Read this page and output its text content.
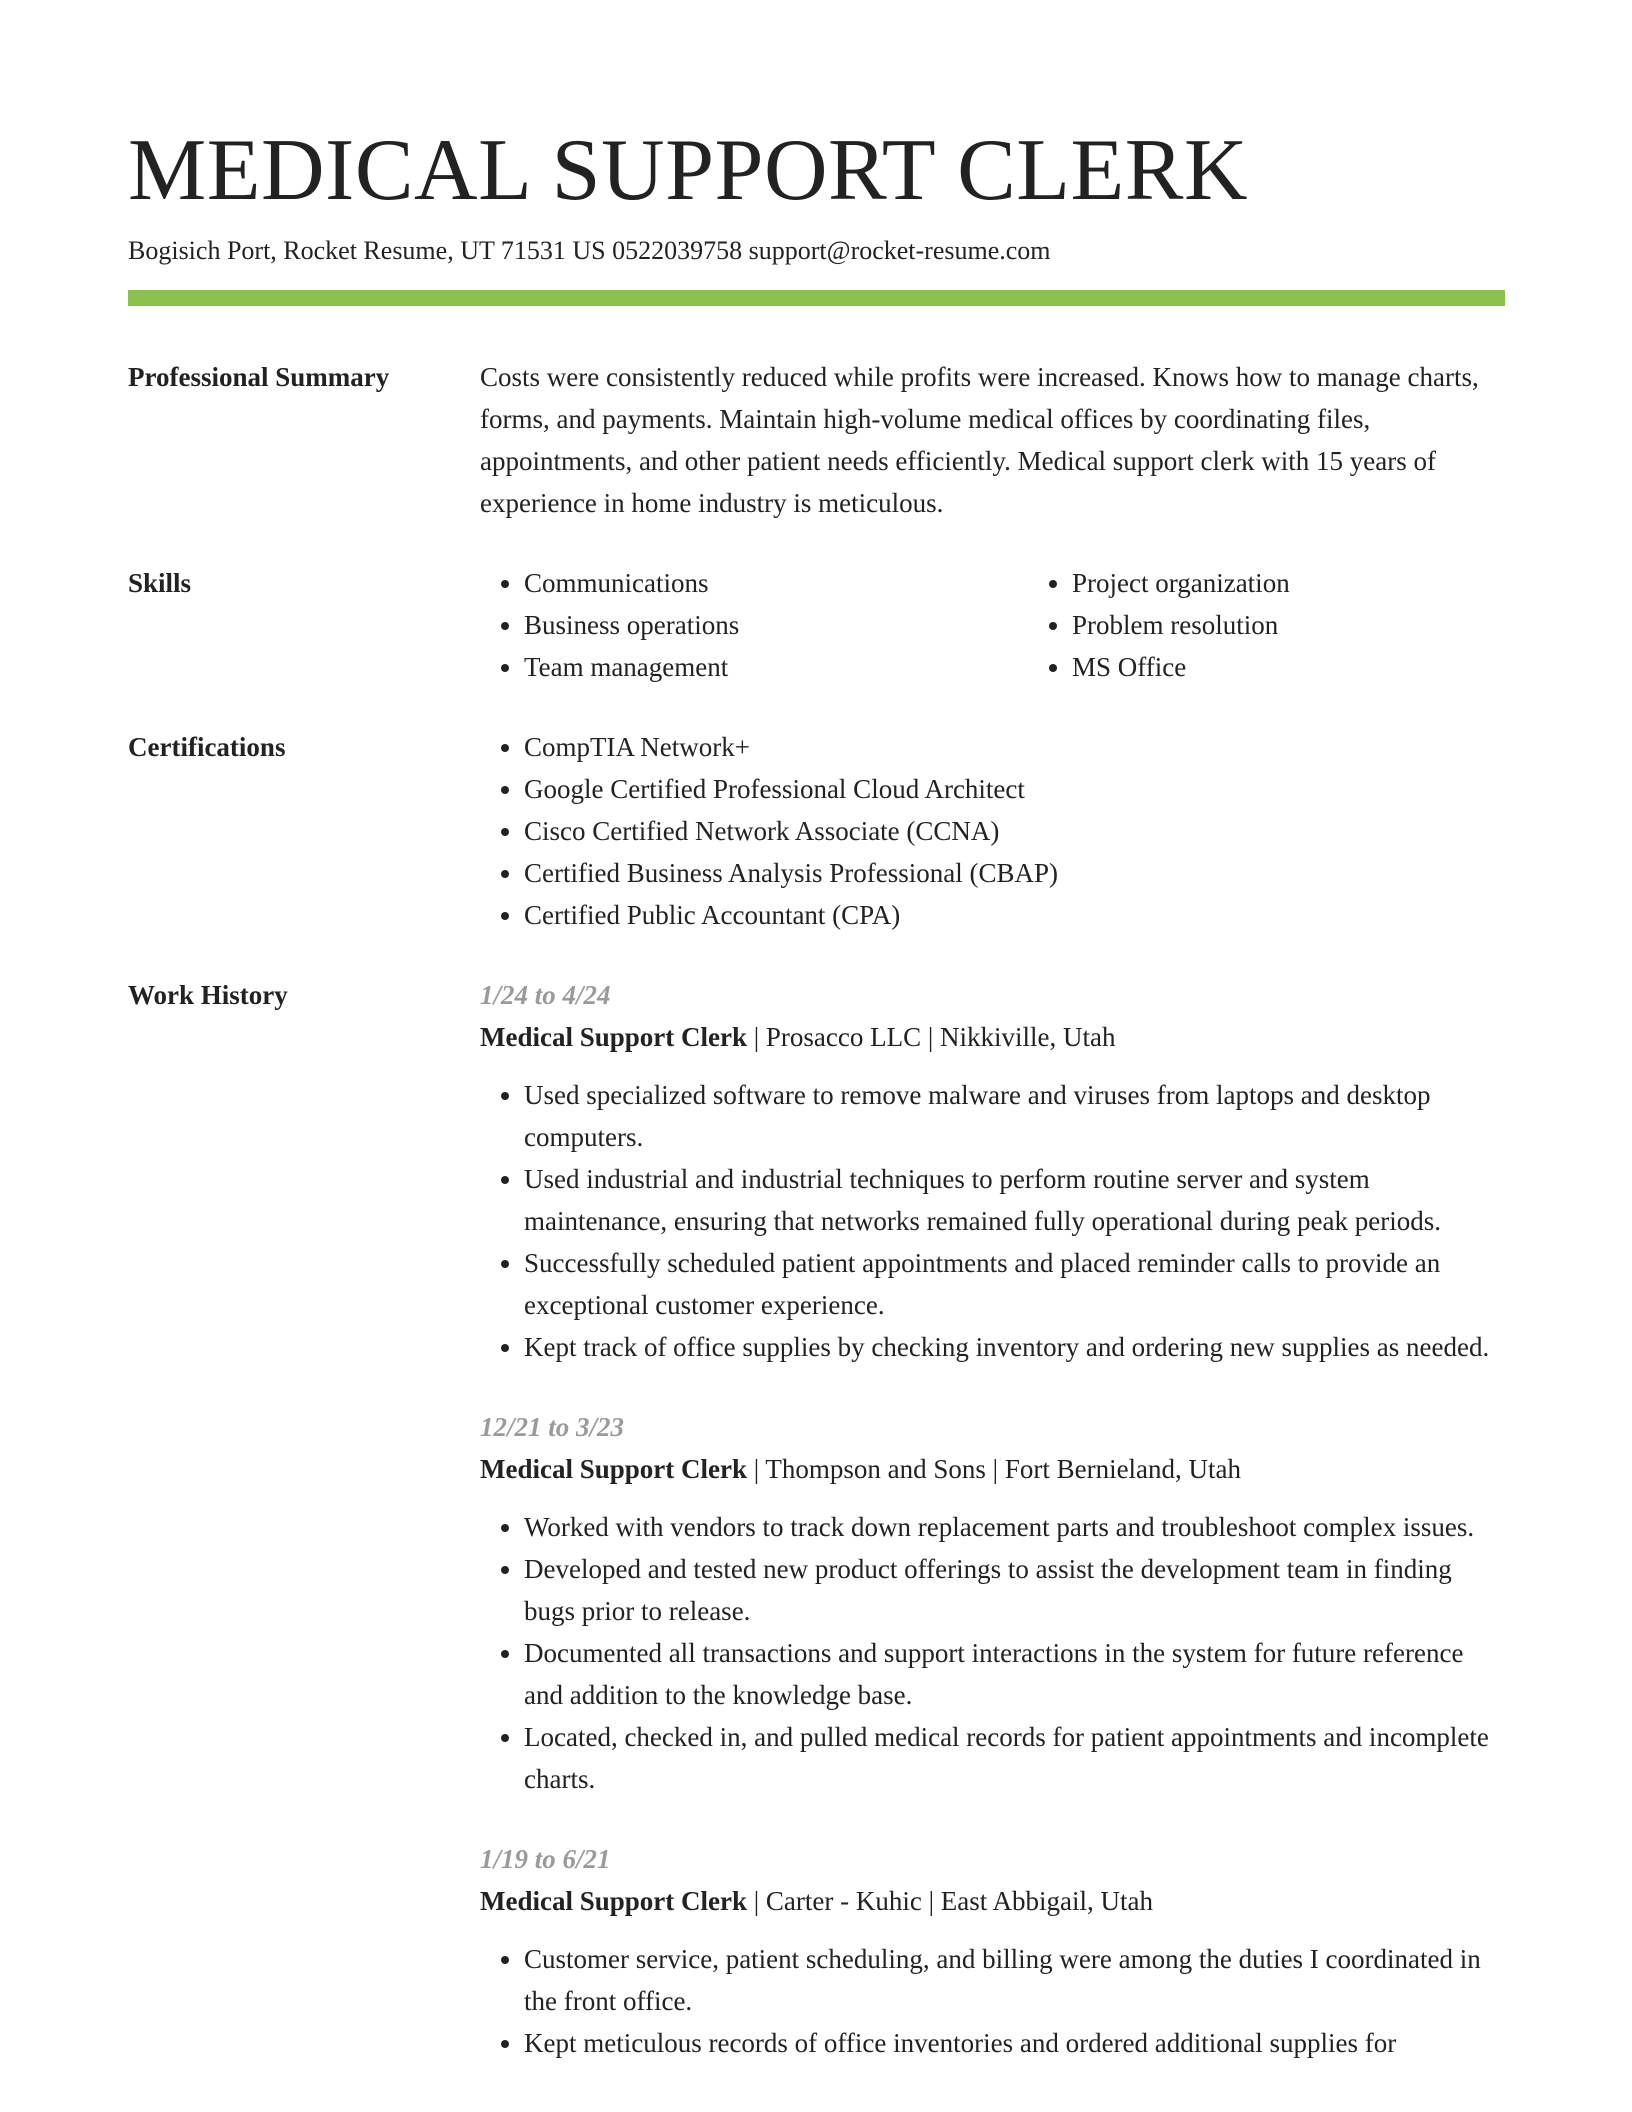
MEDICAL SUPPORT CLERK
Bogisich Port, Rocket Resume, UT 71531 US 0522039758 support@rocket-resume.com
Professional Summary	Costs were consistently reduced while profits were increased. Knows how to manage charts, forms, and payments. Maintain high-volume medical offices by coordinating files, appointments, and other patient needs efficiently. Medical support clerk with 15 years of experience in home industry is meticulous.

Skills	• Communications
• Business operations
• Team management
• Project organization
• Problem resolution
• MS Office
Certifications	• CompTIA Network+
• Google Certified Professional Cloud Architect
• Cisco Certified Network Associate (CCNA)
• Certified Business Analysis Professional (CBAP)
• Certified Public Accountant (CPA)
Work History	1/24 to 4/24
Medical Support Clerk | Prosacco LLC | Nikkiville, Utah
• Used specialized software to remove malware and viruses from laptops and desktop computers.
• Used industrial and industrial techniques to perform routine server and system maintenance, ensuring that networks remained fully operational during peak periods.
• Successfully scheduled patient appointments and placed reminder calls to provide an exceptional customer experience.
• Kept track of office supplies by checking inventory and ordering new supplies as needed.
12/21 to 3/23
Medical Support Clerk | Thompson and Sons | Fort Bernieland, Utah
• Worked with vendors to track down replacement parts and troubleshoot complex issues.
• Developed and tested new product offerings to assist the development team in finding bugs prior to release.
• Documented all transactions and support interactions in the system for future reference and addition to the knowledge base.
• Located, checked in, and pulled medical records for patient appointments and incomplete charts.
1/19 to 6/21
Medical Support Clerk | Carter - Kuhic | East Abbigail, Utah
• Customer service, patient scheduling, and billing were among the duties I coordinated in the front office.
• Kept meticulous records of office inventories and ordered additional supplies for
